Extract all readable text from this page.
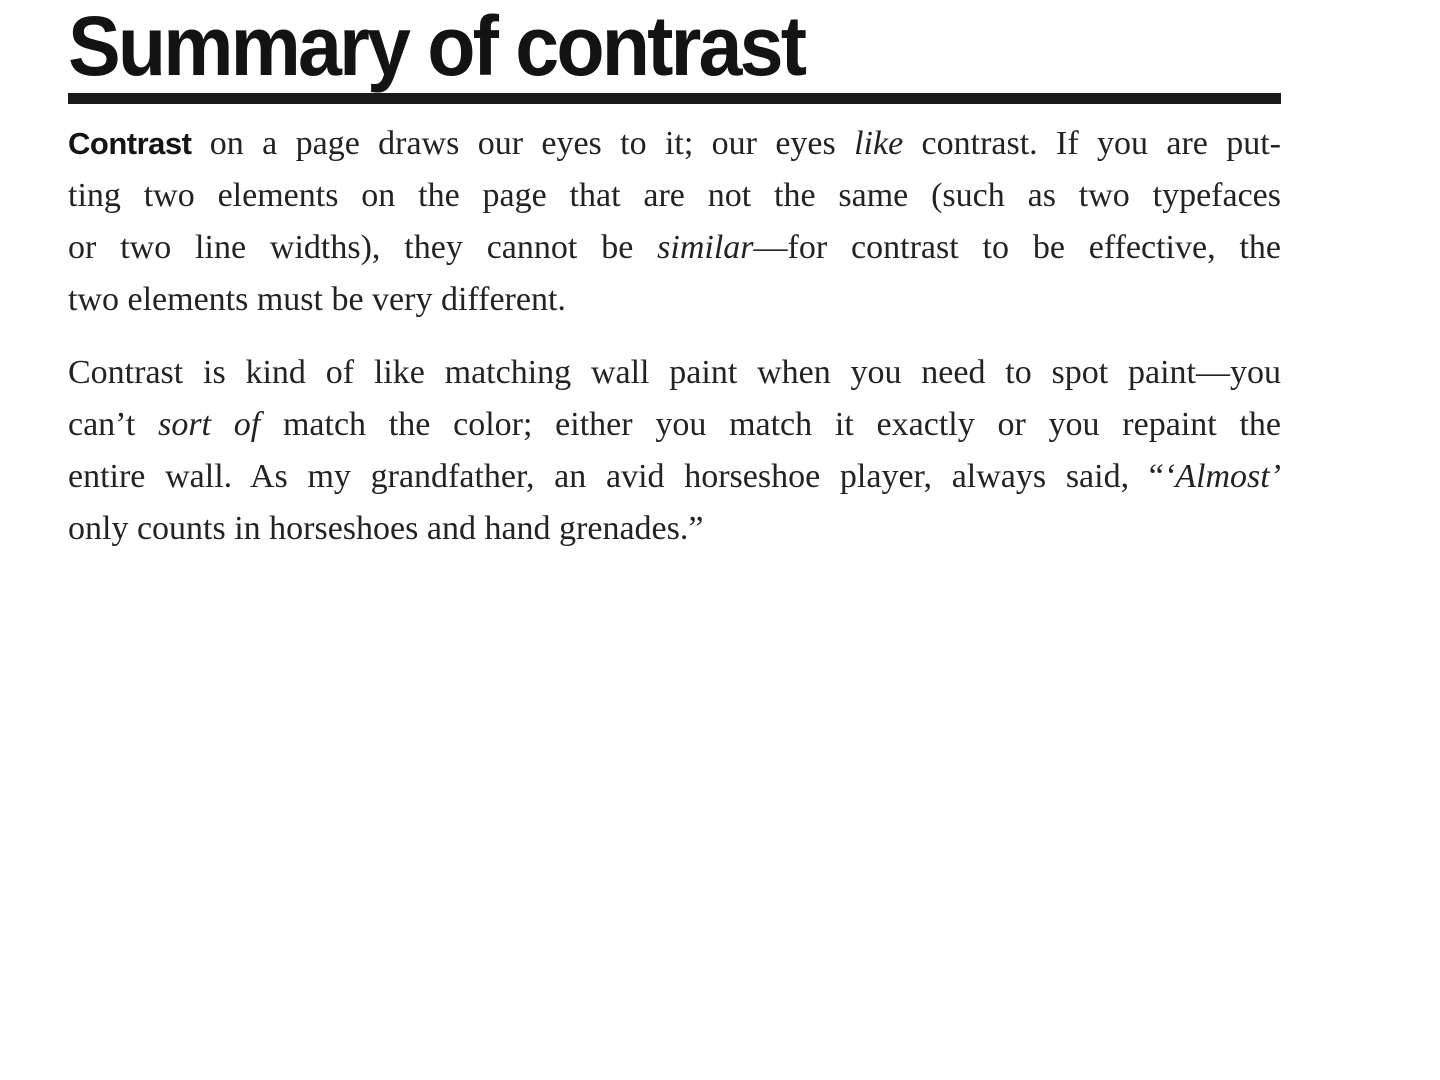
Summary of contrast
Contrast on a page draws our eyes to it; our eyes like contrast. If you are put-
ting two elements on the page that are not the same (such as two typefaces
or two line widths), they cannot be similar—for contrast to be effective, the
two elements must be very different.
Contrast is kind of like matching wall paint when you need to spot paint—you
can’t sort of match the color; either you match it exactly or you repaint the
entire wall. As my grandfather, an avid horseshoe player, always said, “‘Almost’
only counts in horseshoes and hand grenades.”
